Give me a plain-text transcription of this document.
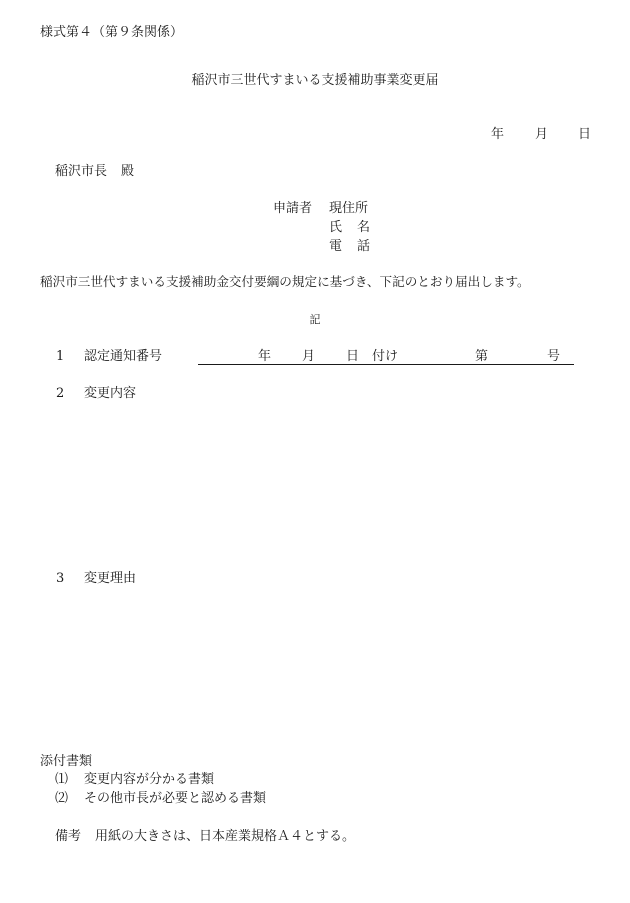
様式第４（第９条関係）
稲沢市三世代すまいる支援補助事業変更届
年 月 日
稲沢市長 殿
申請者 現住所
氏名
電話
稲沢市三世代すまいる支援補助金交付要綱の規定に基づき、下記のとおり届出します。
記
1 認定通知番号	年 月 日 付け	第	号
2 変更内容
3 変更理由
添付書類
⑴ 変更内容が分かる書類
⑵ その他市長が必要と認める書類
備考 用紙の大きさは、日本産業規格Ａ４とする。
